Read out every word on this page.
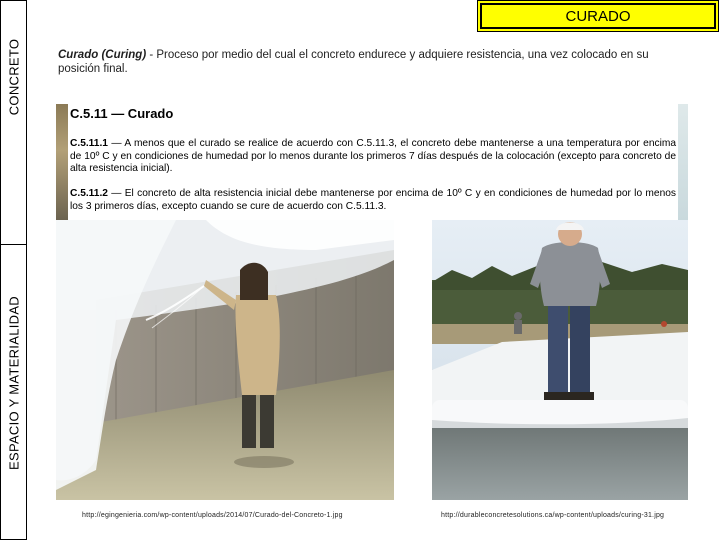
CONCRETO
ESPACIO Y MATERIALIDAD
CURADO
Curado (Curing) - Proceso por medio del cual el concreto endurece y adquiere resistencia, una vez colocado en su posición final.
C.5.11 — Curado
C.5.11.1 — A menos que el curado se realice de acuerdo con C.5.11.3, el concreto debe mantenerse a una temperatura por encima de 10º C y en condiciones de humedad por lo menos durante los primeros 7 días después de la colocación (excepto para concreto de alta resistencia inicial).
C.5.11.2 — El concreto de alta resistencia inicial debe mantenerse por encima de 10º C y en condiciones de humedad por lo menos los 3 primeros días, excepto cuando se cure de acuerdo con C.5.11.3.
http://egingenieria.com/wp-content/uploads/2014/07/Curado-del-Concreto-1.jpg	http://durableconcretesolutions.ca/wp-content/uploads/curing-31.jpg
